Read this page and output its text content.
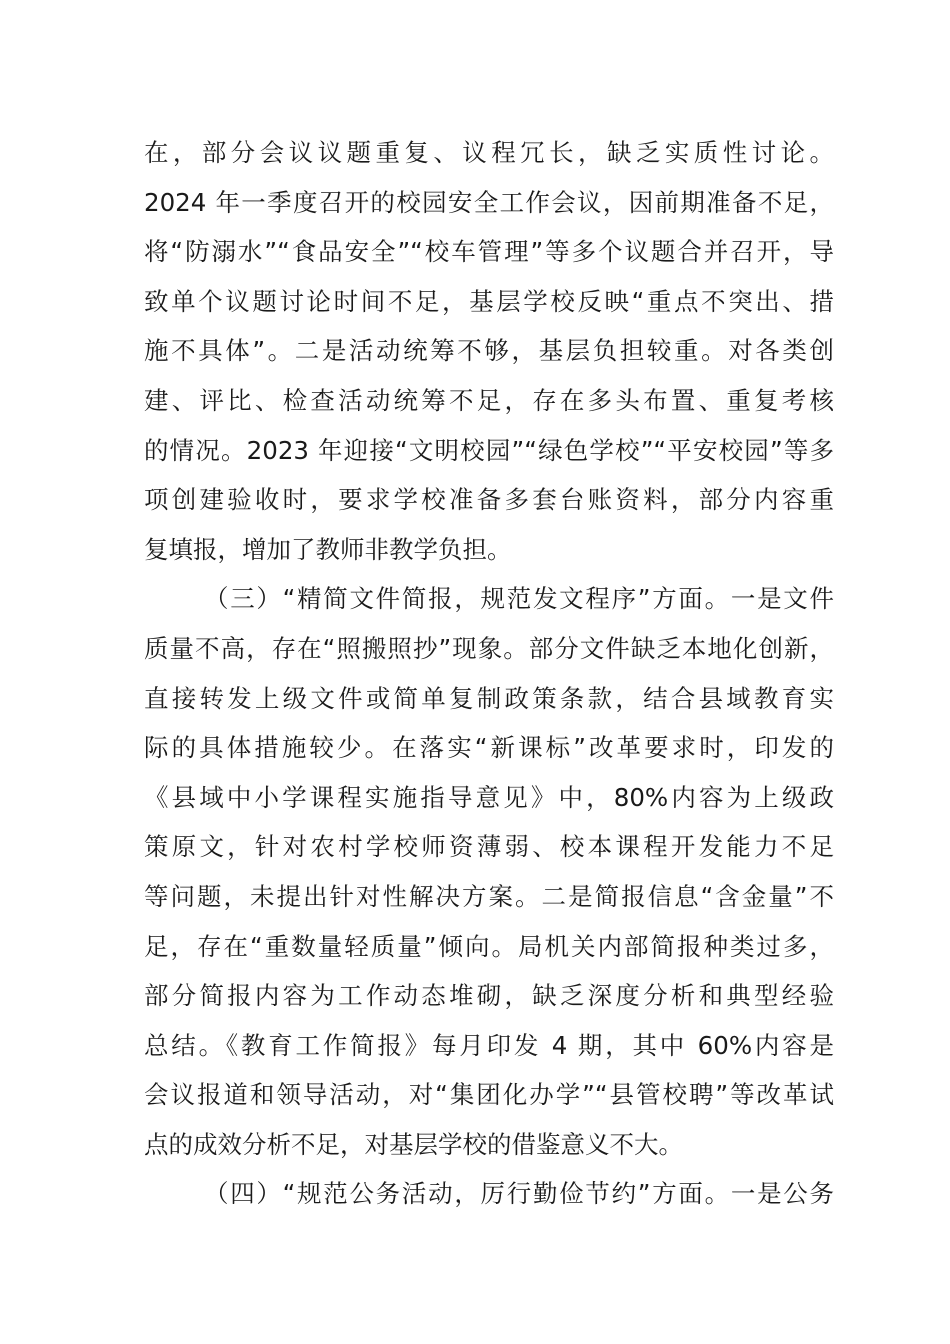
在，部分会议议题重复、议程冗长，缺乏实质性讨论。
2024 年一季度召开的校园安全工作会议，因前期准备不足，
将“防溺水”“食品安全”“校车管理”等多个议题合并召开，导
致单个议题讨论时间不足，基层学校反映“重点不突出、措
施不具体”。二是活动统筹不够，基层负担较重。对各类创
建、评比、检查活动统筹不足，存在多头布置、重复考核
的情况。2023 年迎接“文明校园”“绿色学校”“平安校园”等多
项创建验收时，要求学校准备多套台账资料，部分内容重
复填报，增加了教师非教学负担。
（三）“精简文件简报，规范发文程序”方面。一是文件
质量不高，存在“照搬照抄”现象。部分文件缺乏本地化创新，
直接转发上级文件或简单复制政策条款，结合县域教育实
际的具体措施较少。在落实“新课标”改革要求时，印发的
《县域中小学课程实施指导意见》中，80%内容为上级政
策原文，针对农村学校师资薄弱、校本课程开发能力不足
等问题，未提出针对性解决方案。二是简报信息“含金量”不
足，存在“重数量轻质量”倾向。局机关内部简报种类过多，
部分简报内容为工作动态堆砌，缺乏深度分析和典型经验
总结。《教育工作简报》每月印发 4 期，其中 60%内容是
会议报道和领导活动，对“集团化办学”“县管校聘”等改革试
点的成效分析不足，对基层学校的借鉴意义不大。
（四）“规范公务活动，厉行勤俭节约”方面。一是公务
